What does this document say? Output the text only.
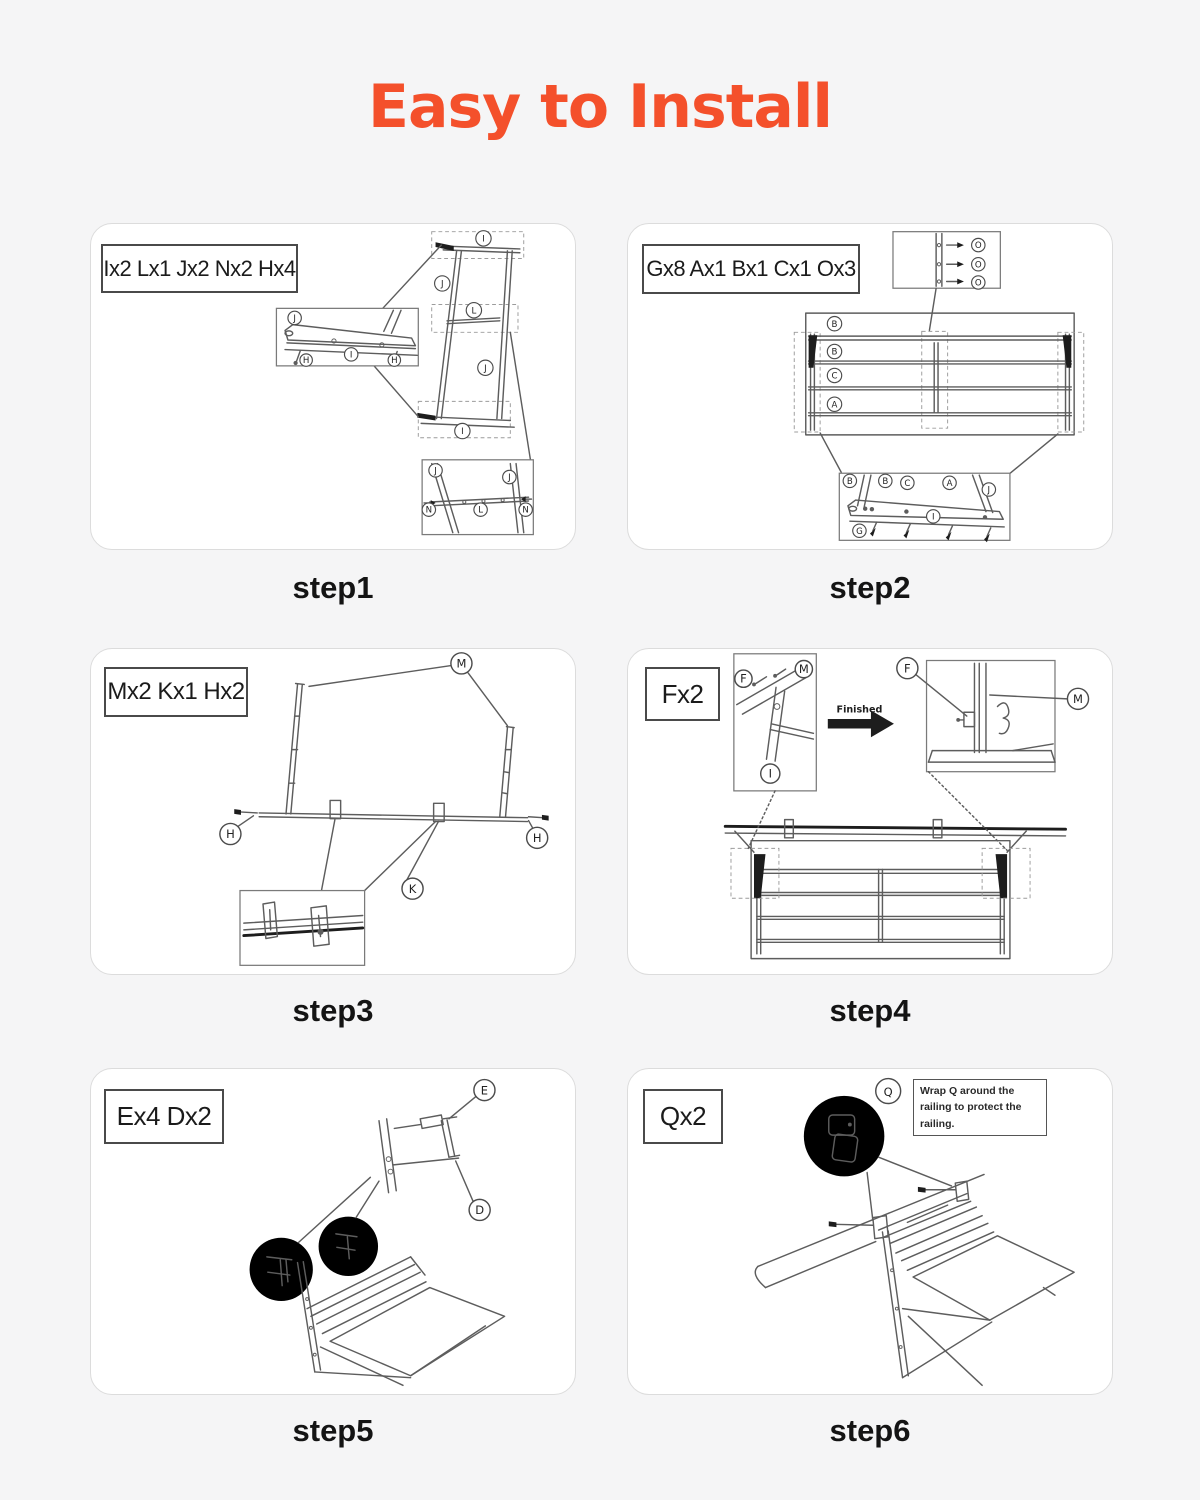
Easy to Install
I
J
L
J
I
J
H
I
H
J
J
N	N
L
Ix2 Lx1 Jx2 Nx2 Hx4
step1
O
O
O
B
B
C
A
B	B C	A
J
I
G
Gx8 Ax1 Bx1 Cx1 Ox3
step2
M
H	H
K
Mx2 Kx1 Hx2
step3
Finished
F
M
I
F
M
Fx2
step4
E
D
Ex4 Dx2
step5
Q
Qx2
Wrap Q around the railing to protect the railing.
step6
